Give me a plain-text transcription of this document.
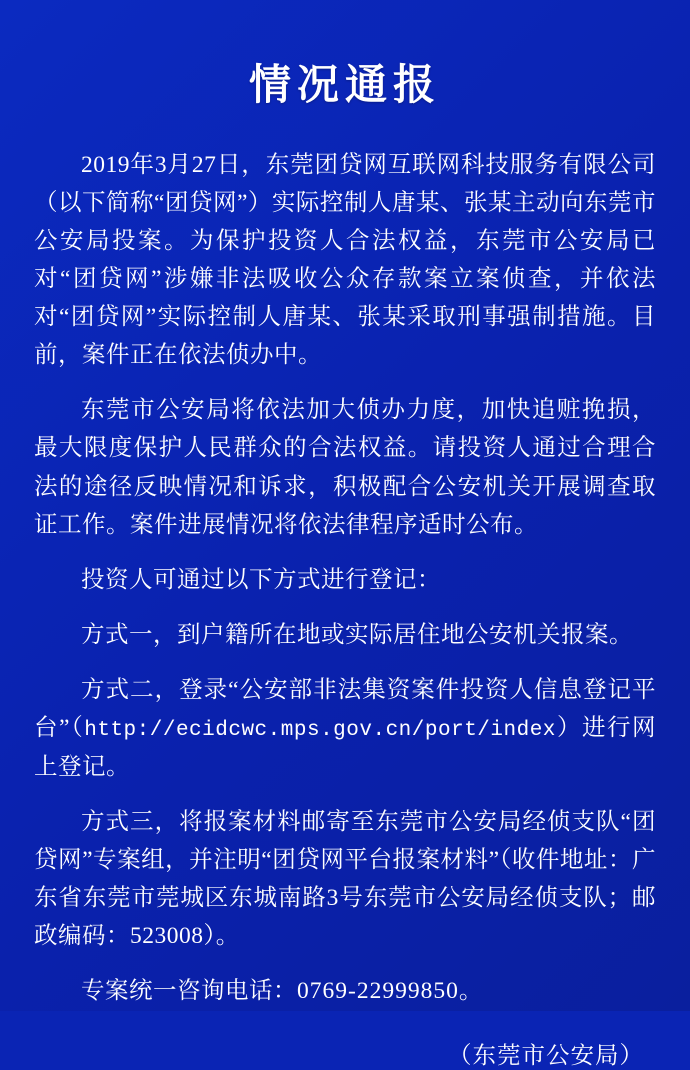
情况通报

2019年3月27日，东莞团贷网互联网科技服务有限公司（以下简称“团贷网”）实际控制人唐某、张某主动向东莞市公安局投案。为保护投资人合法权益，东莞市公安局已对“团贷网”涉嫌非法吸收公众存款案立案侦查，并依法对“团贷网”实际控制人唐某、张某采取刑事强制措施。目前，案件正在依法侦办中。

东莞市公安局将依法加大侦办力度，加快追赃挽损，最大限度保护人民群众的合法权益。请投资人通过合理合法的途径反映情况和诉求，积极配合公安机关开展调查取证工作。案件进展情况将依法律程序适时公布。

投资人可通过以下方式进行登记：

方式一，到户籍所在地或实际居住地公安机关报案。

方式二，登录“公安部非法集资案件投资人信息登记平台”（http://ecidcwc.mps.gov.cn/port/index）进行网上登记。

方式三，将报案材料邮寄至东莞市公安局经侦支队“团贷网”专案组，并注明“团贷网平台报案材料”（收件地址：广东省东莞市莞城区东城南路3号东莞市公安局经侦支队；邮政编码：523008）。

专案统一咨询电话：0769-22999850。

（东莞市公安局）
